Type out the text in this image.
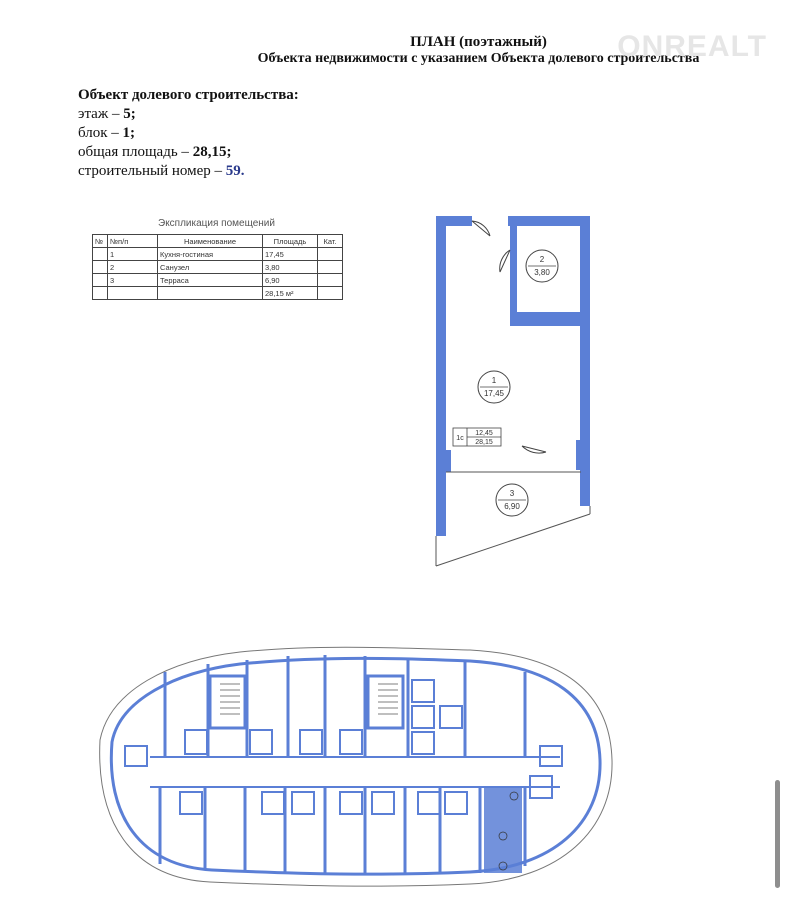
ПЛАН (поэтажный)
Объекта недвижимости с указанием Объекта долевого строительства
ONREALT
Объект долевого строительства:
этаж – 5;
блок – 1;
общая площадь – 28,15;
строительный номер – 59.
Экспликация помещений
№	№п/п	Наименование	Площадь	Кат.
	1	Кухня-гостиная	17,45	
	2	Санузел	3,80	
	3	Терраса	6,90	
			28,15 м²	
2
3,80
1
17,45
3
6,90
1с
12,45
28,15
